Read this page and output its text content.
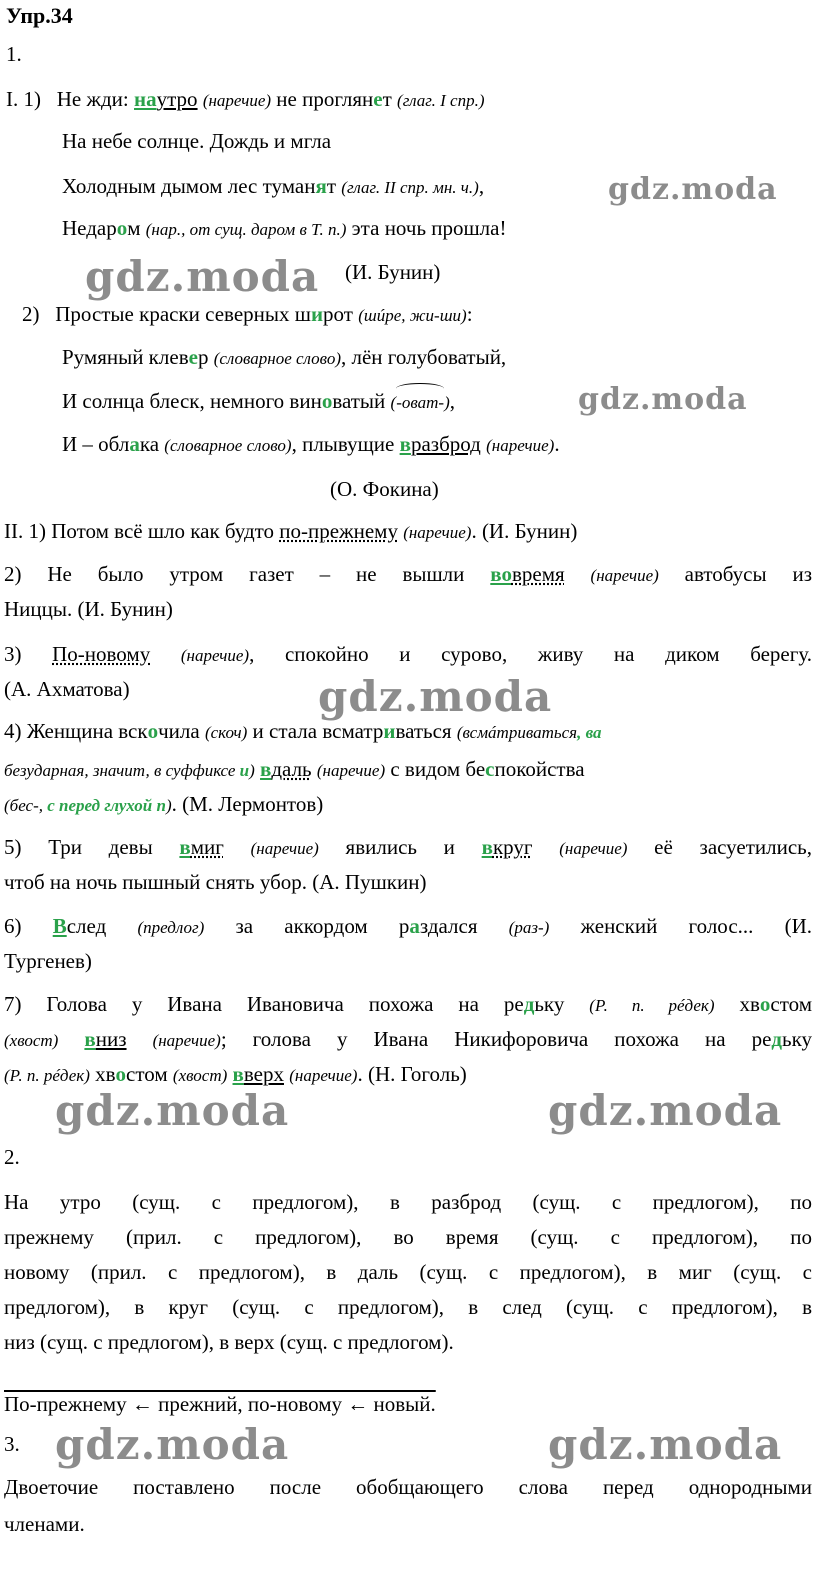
Упр.34
1.
I. 1) Не жди: наутро (наречие) не проглянет (глаг. I спр.)
На небе солнце. Дождь и мгла
Холодным дымом лес туманят (глаг. II спр. мн. ч.),
Недаром (нар., от сущ. даром в Т. п.) эта ночь прошла!
(И. Бунин)
2) Простые краски северных широт (шúре, жи-ши):
Румяный клевер (словарное слово), лён голубоватый,
И солнца блеск, немного виноватый (-оват-),
И – облака (словарное слово), плывущие вразброд (наречие).
(О. Фокина)
II. 1) Потом всё шло как будто по-прежнему (наречие). (И. Бунин)
2) Не было утром газет – не вышли вовремя (наречие) автобусы из
Ниццы. (И. Бунин)
3) По-новому (наречие), спокойно и сурово, живу на диком берегу.
(А. Ахматова)
4) Женщина вскочила (скоч) и стала всматриваться (всмáтриваться, ва
безударная, значит, в суффиксе и) вдаль (наречие) с видом беспокойства
(бес-, с перед глухой п). (М. Лермонтов)
5) Три девы вмиг (наречие) явились и вкруг (наречие) её засуетились,
чтоб на ночь пышный снять убор. (А. Пушкин)
6) Вслед (предлог) за аккордом раздался (раз-) женский голос... (И.
Тургенев)
7) Голова у Ивана Ивановича похожа на редьку (Р. п. рéдек) хвостом
(хвост) вниз (наречие); голова у Ивана Никифоровича похожа на редьку
(Р. п. рéдек) хвостом (хвост) вверх (наречие). (Н. Гоголь)
2.
На утро (сущ. с предлогом), в разброд (сущ. с предлогом), по
прежнему (прил. с предлогом), во время (сущ. с предлогом), по
новому (прил. с предлогом), в даль (сущ. с предлогом), в миг (сущ. с
предлогом), в круг (сущ. с предлогом), в след (сущ. с предлогом), в
низ (сущ. с предлогом), в верх (сущ. с предлогом).
По-прежнему ← прежний, по-новому ← новый.
3.
Двоеточие поставлено после обобщающего слова перед однородными
членами.
gdz.moda
gdz.moda
gdz.moda
gdz.moda
gdz.moda	gdz.moda
gdz.moda	gdz.moda
